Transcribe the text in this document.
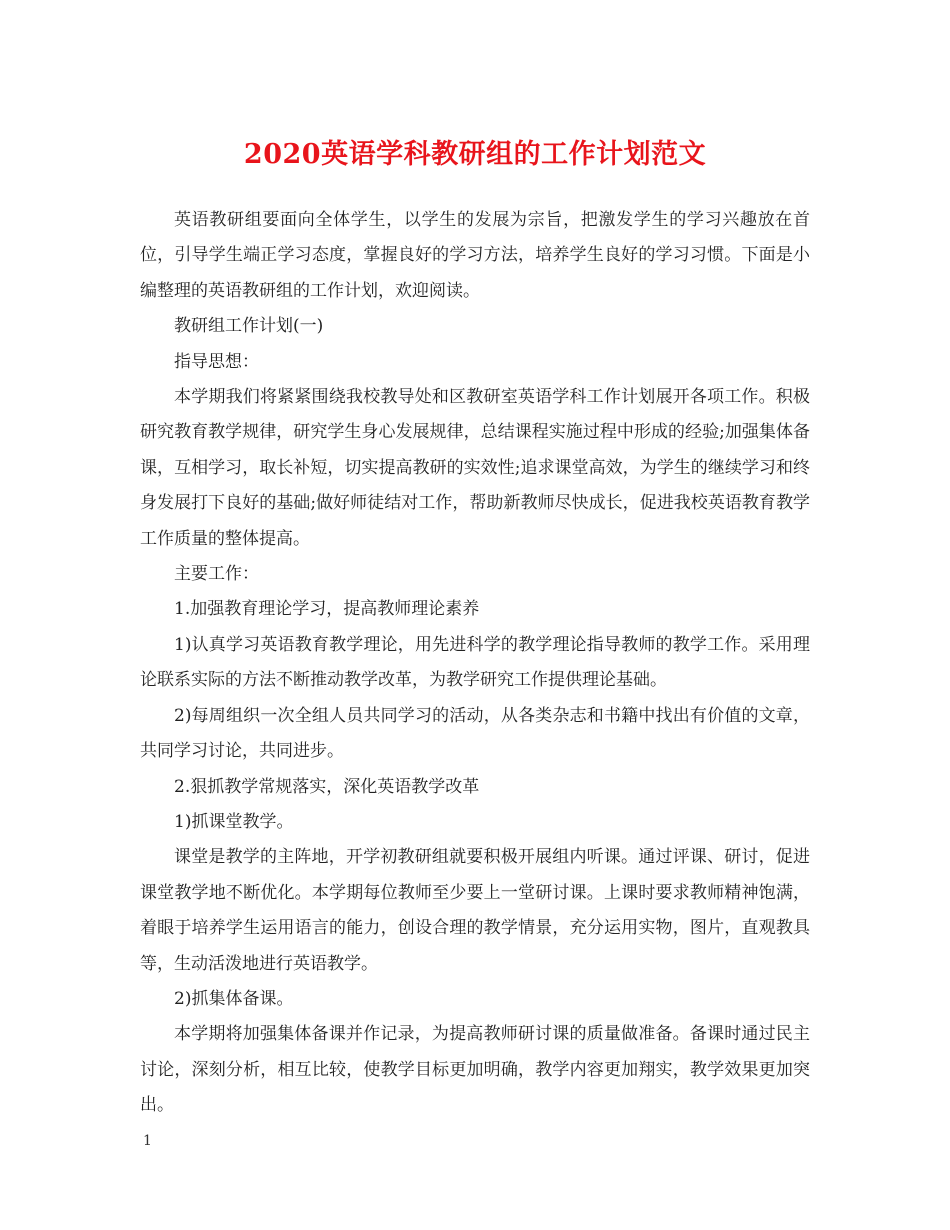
2020英语学科教研组的工作计划范文

英语教研组要面向全体学生，以学生的发展为宗旨，把激发学生的学习兴趣放在首位，引导学生端正学习态度，掌握良好的学习方法，培养学生良好的学习习惯。下面是小编整理的英语教研组的工作计划，欢迎阅读。

教研组工作计划(一)

指导思想：

本学期我们将紧紧围绕我校教导处和区教研室英语学科工作计划展开各项工作。积极研究教育教学规律，研究学生身心发展规律，总结课程实施过程中形成的经验;加强集体备课，互相学习，取长补短，切实提高教研的实效性;追求课堂高效，为学生的继续学习和终身发展打下良好的基础;做好师徒结对工作，帮助新教师尽快成长，促进我校英语教育教学工作质量的整体提高。

主要工作：

1.加强教育理论学习，提高教师理论素养

1)认真学习英语教育教学理论，用先进科学的教学理论指导教师的教学工作。采用理论联系实际的方法不断推动教学改革，为教学研究工作提供理论基础。

2)每周组织一次全组人员共同学习的活动，从各类杂志和书籍中找出有价值的文章，共同学习讨论，共同进步。

2.狠抓教学常规落实，深化英语教学改革

1)抓课堂教学。

课堂是教学的主阵地，开学初教研组就要积极开展组内听课。通过评课、研讨，促进课堂教学地不断优化。本学期每位教师至少要上一堂研讨课。上课时要求教师精神饱满，着眼于培养学生运用语言的能力，创设合理的教学情景，充分运用实物，图片，直观教具等，生动活泼地进行英语教学。

2)抓集体备课。

本学期将加强集体备课并作记录，为提高教师研讨课的质量做准备。备课时通过民主讨论，深刻分析，相互比较，使教学目标更加明确，教学内容更加翔实，教学效果更加突出。

1
